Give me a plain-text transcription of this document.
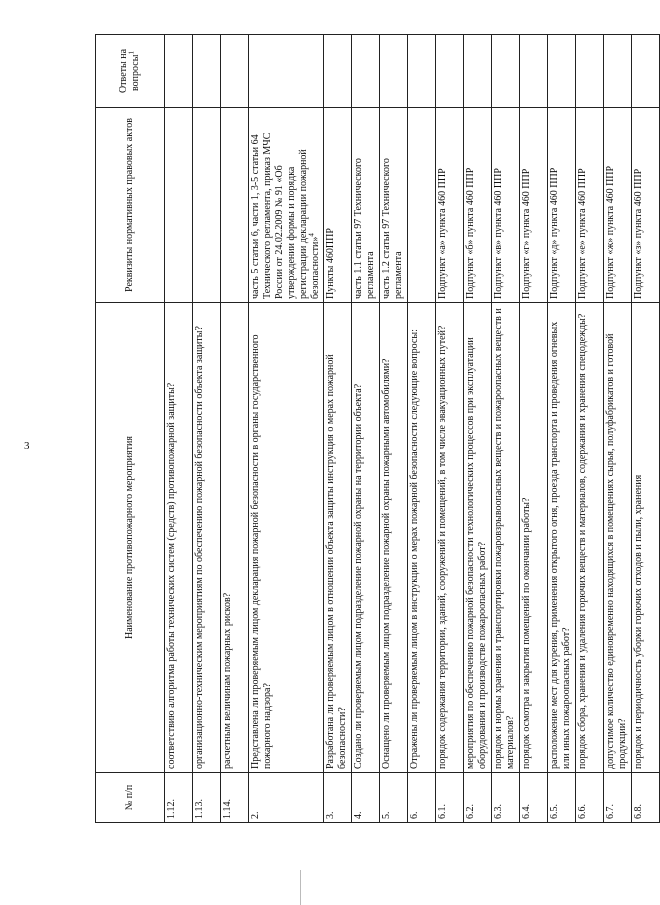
3
№ п/п	Наименование противопожарного мероприятия	Реквизиты нормативных правовых актов	Ответы на вопросы$^1$
1.12.	соответствию алгоритма работы технических систем (средств) противопожарной защиты?		
1.13.	организационно-техническим мероприятиям по обеспечению пожарной безопасности объекта защиты?		
1.14.	расчетным величинам пожарных рисков?		
2.	Представлена ли проверяемым лицом декларация пожарной безопасности в органы государственного пожарного надзора?	часть 5 статьи 6, части 1, 3-5 статьи 64 Технического регламента, приказ МЧС России от 24.02.2009 № 91 «Об утверждении формы и порядка регистрации декларации пожарной безопасности»$^4$	
3.	Разработана ли проверяемым лицом в отношении объекта защиты инструкция о мерах пожарной безопасности?	Пункты 460ППР	
4.	Создано ли проверяемым лицом подразделение пожарной охраны на территории объекта?	часть 1.1 статьи 97 Технического регламента	
5.	Оснащено ли проверяемым лицом подразделение пожарной охраны пожарными автомобилями?	часть 1.2 статьи 97 Технического регламента	
6.	Отражены ли проверяемым лицом в инструкции о мерах пожарной безопасности следующие вопросы:		
6.1.	порядок содержания территории, зданий, сооружений и помещений, в том числе эвакуационных путей?	Подпункт «а» пункта 460 ППР	
6.2.	мероприятия по обеспечению пожарной безопасности технологических процессов при эксплуатации оборудования и производстве пожароопасных работ?	Подпункт «б» пункта 460 ППР	
6.3.	порядок и нормы хранения и транспортировки пожаровзрывоопасных веществ и пожароопасных веществ и материалов?	Подпункт «в» пункта 460 ППР	
6.4.	порядок осмотра и закрытия помещений по окончании работы?	Подпункт «г» пункта 460 ППР	
6.5.	расположение мест для курения, применения открытого огня, проезда транспорта и проведения огневых или иных пожароопасных работ?	Подпункт «д» пункта 460 ППР	
6.6.	порядок сбора, хранения и удаления горючих веществ и материалов, содержания и хранения спецодежды?	Подпункт «е» пункта 460 ППР	
6.7.	допустимое количество единовременно находящихся в помещениях сырья, полуфабрикатов и готовой продукции?	Подпункт «ж» пункта 460 ППР	
6.8.	порядок и периодичность уборки горючих отходов и пыли, хранения	Подпункт «з» пункта 460 ППР	
